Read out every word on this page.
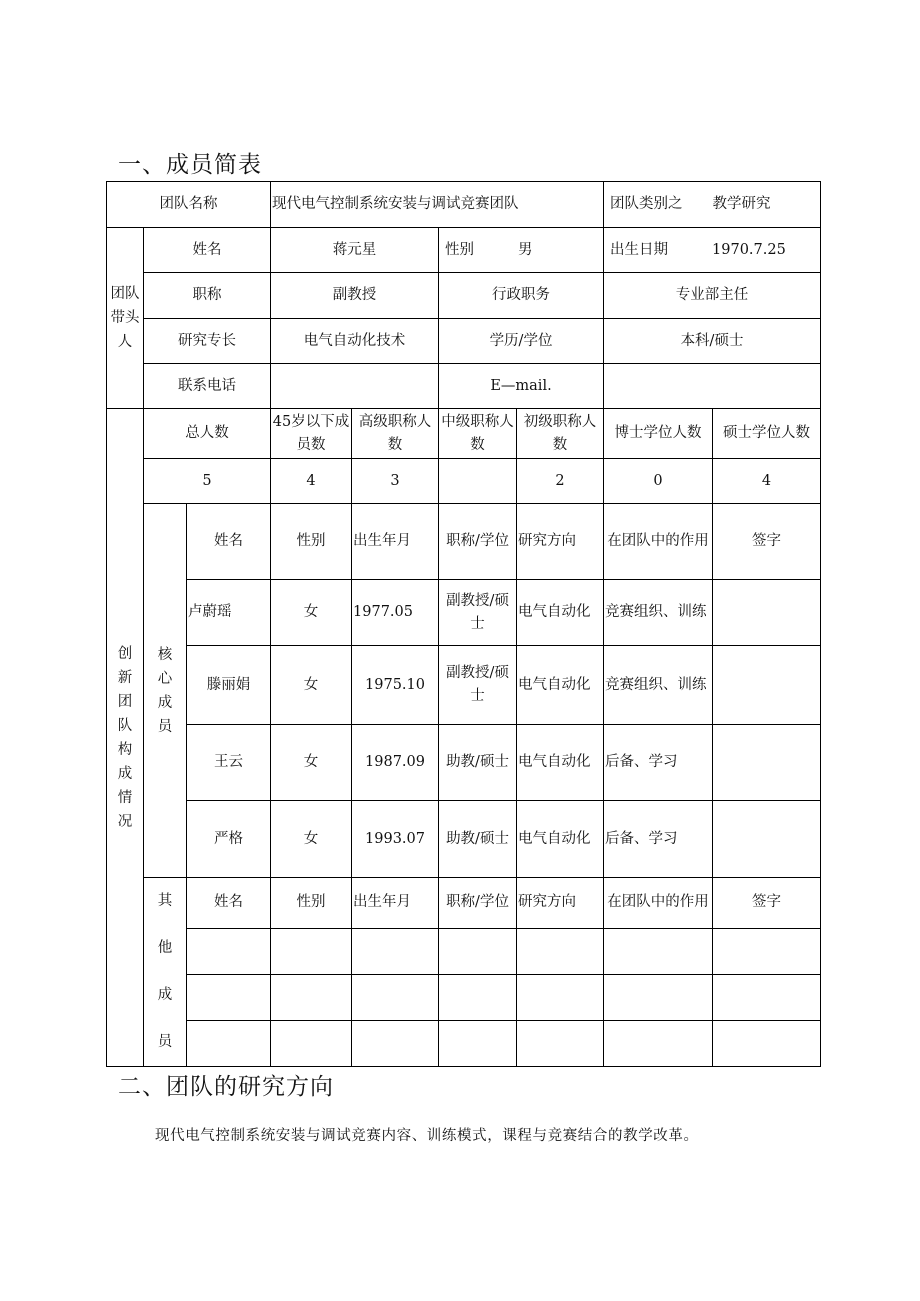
一、成员简表
团队名称			现代电气控制系统安装与调试竞赛团队				团队类别之 教学研究	
团队带头人	姓名		蒋元星		性别 男		出生日期 1970.7.25	
	职称		副教授		行政职务		专业部主任	
	研究专长		电气自动化技术		学历/学位		本科/硕士	
	联系电话				E—mail.			
创新团队构成情况	总人数		45岁以下成员数	高级职称人数	中级职称人数	初级职称人数	博士学位人数	硕士学位人数
	5		4	3		2	0	4
	核心成员	姓名	性别	出生年月	职称/学位	研究方向	在团队中的作用	签字
		卢蔚瑶	女	1977.05	副教授/硕士	电气自动化	竞赛组织、训练	
		滕丽娟	女	1975.10	副教授/硕士	电气自动化	竞赛组织、训练	
		王云	女	1987.09	助教/硕士	电气自动化	后备、学习	
		严格	女	1993.07	助教/硕士	电气自动化	后备、学习	
	其他成员	姓名	性别	出生年月	职称/学位	研究方向	在团队中的作用	签字

二、团队的研究方向
现代电气控制系统安装与调试竞赛内容、训练模式，课程与竞赛结合的教学改革。
